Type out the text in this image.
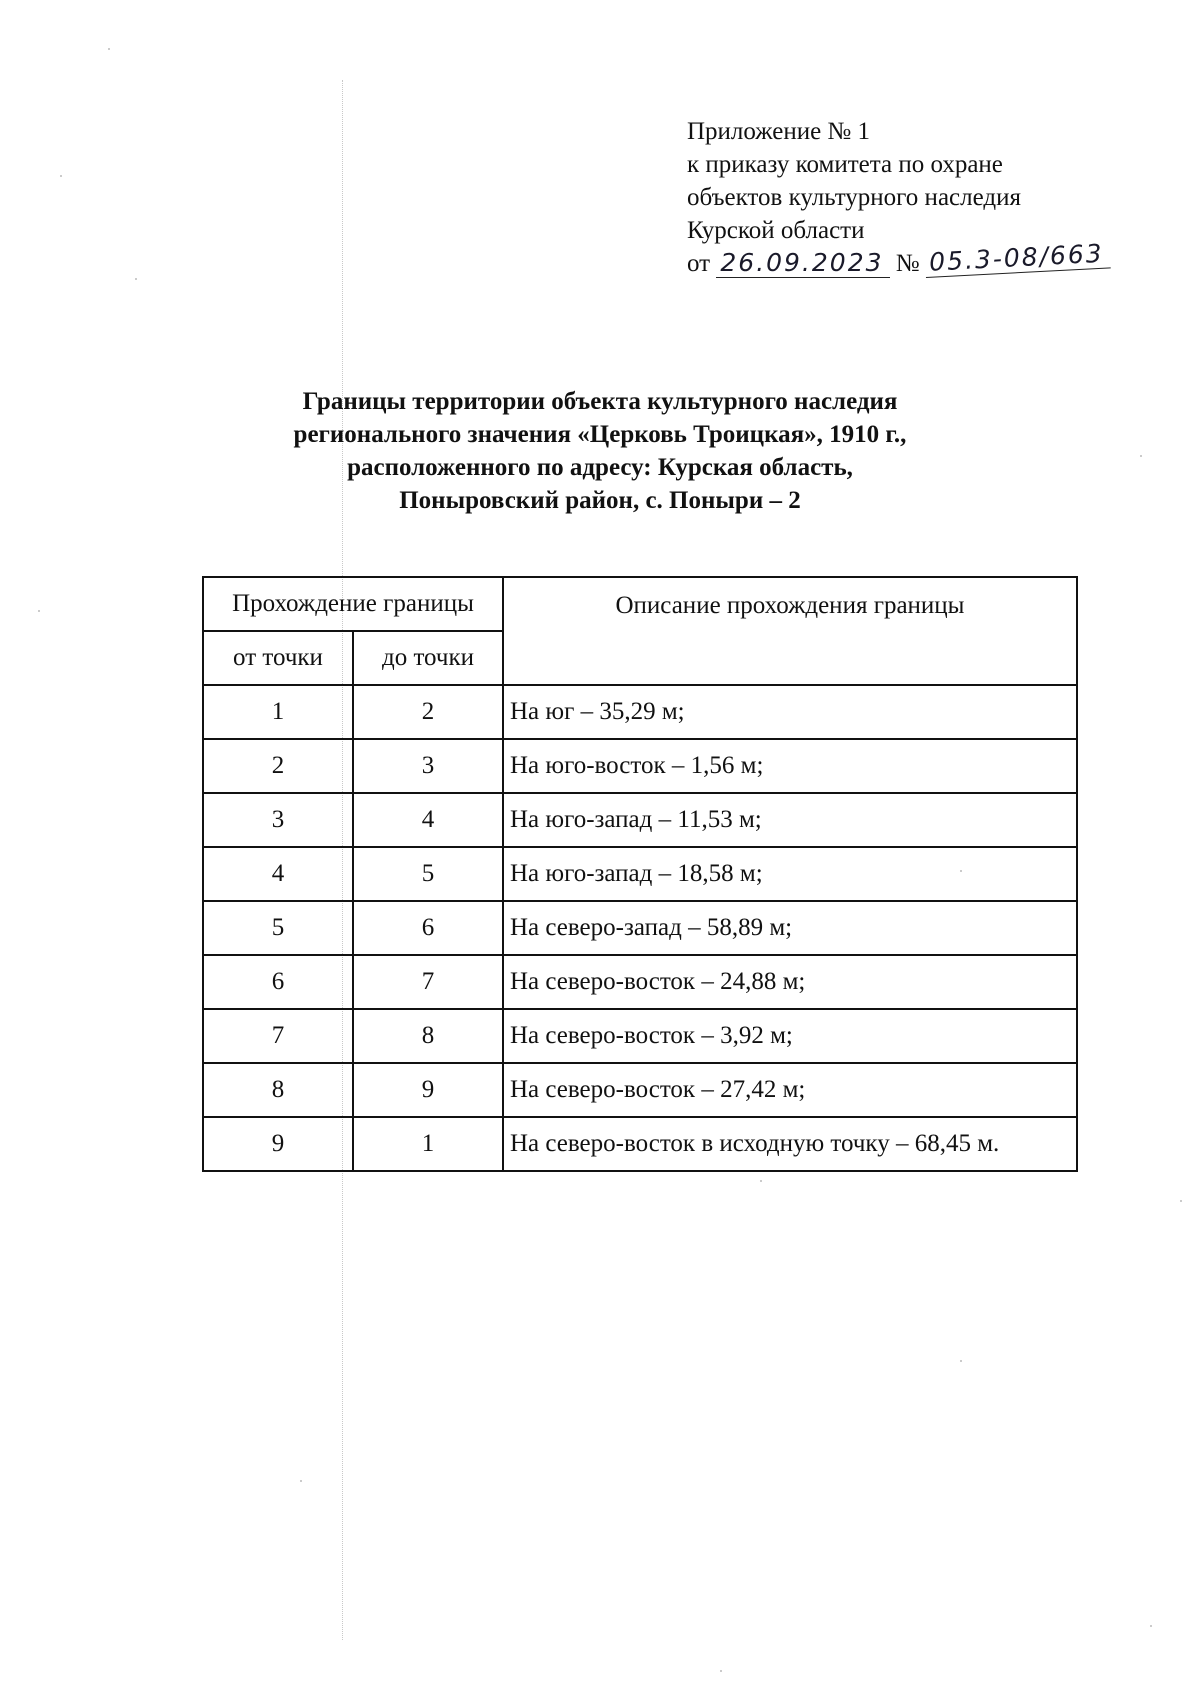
Приложение № 1
к приказу комитета по охране
объектов культурного наследия
Курской области
от 26.09.2023 № 05.3-08/663
Границы территории объекта культурного наследия
регионального значения «Церковь Троицкая», 1910 г.,
расположенного по адресу: Курская область,
Поныровский район, с. Поныри – 2
Прохождение границы		Описание прохождения границы
от точки	до точки	
1	2	На юг – 35,29 м;
2	3	На юго-восток – 1,56 м;
3	4	На юго-запад – 11,53 м;
4	5	На юго-запад – 18,58 м;
5	6	На северо-запад – 58,89 м;
6	7	На северо-восток – 24,88 м;
7	8	На северо-восток – 3,92 м;
8	9	На северо-восток – 27,42 м;
9	1	На северо-восток в исходную точку – 68,45 м.
